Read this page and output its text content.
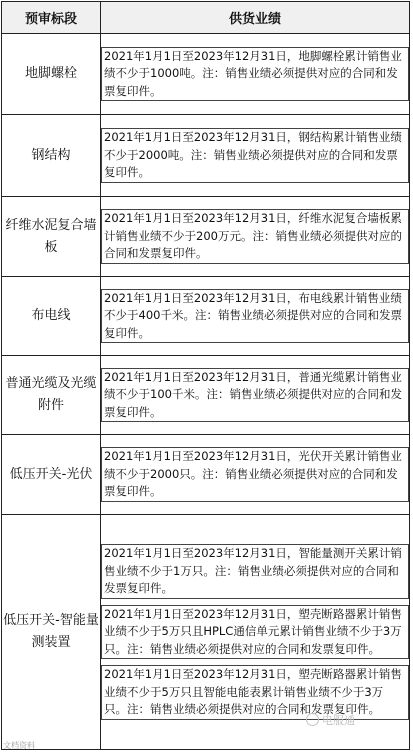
预审标段	供货业绩
地脚螺栓	2021年1月1日至2023年12月31日，地脚螺栓累计销售业绩不少于1000吨。注：销售业绩必须提供对应的合同和发票复印件。

钢结构	2021年1月1日至2023年12月31日，钢结构累计销售业绩不少于2000吨。注：销售业绩必须提供对应的合同和发票复印件。

纤维水泥复合墙板	2021年1月1日至2023年12月31日，纤维水泥复合墙板累计销售业绩不少于200万元。注：销售业绩必须提供对应的合同和发票复印件。

布电线	2021年1月1日至2023年12月31日，布电线累计销售业绩不少于400千米。注：销售业绩必须提供对应的合同和发票复印件。

普通光缆及光缆附件	2021年1月1日至2023年12月31日，普通光缆累计销售业绩不少于100千米。注：销售业绩必须提供对应的合同和发票复印件。

低压开关-光伏	2021年1月1日至2023年12月31日，光伏开关累计销售业绩不少于2000只。注：销售业绩必须提供对应的合同和发票复印件。

低压开关-智能量测装置	2021年1月1日至2023年12月31日，智能量测开关累计销售业绩不少于1万只。注：销售业绩必须提供对应的合同和发票复印件。
2021年1月1日至2023年12月31日，塑壳断路器累计销售业绩不少于5万只且HPLC通信单元累计销售业绩不少于3万只。注：销售业绩必须提供对应的合同和发票复印件。
2021年1月1日至2023年12月31日，塑壳断路器累计销售业绩不少于5万只且智能电能表累计销售业绩不少于3万只。注：销售业绩必须提供对应的合同和发票复印件。
电服通
文档资料
